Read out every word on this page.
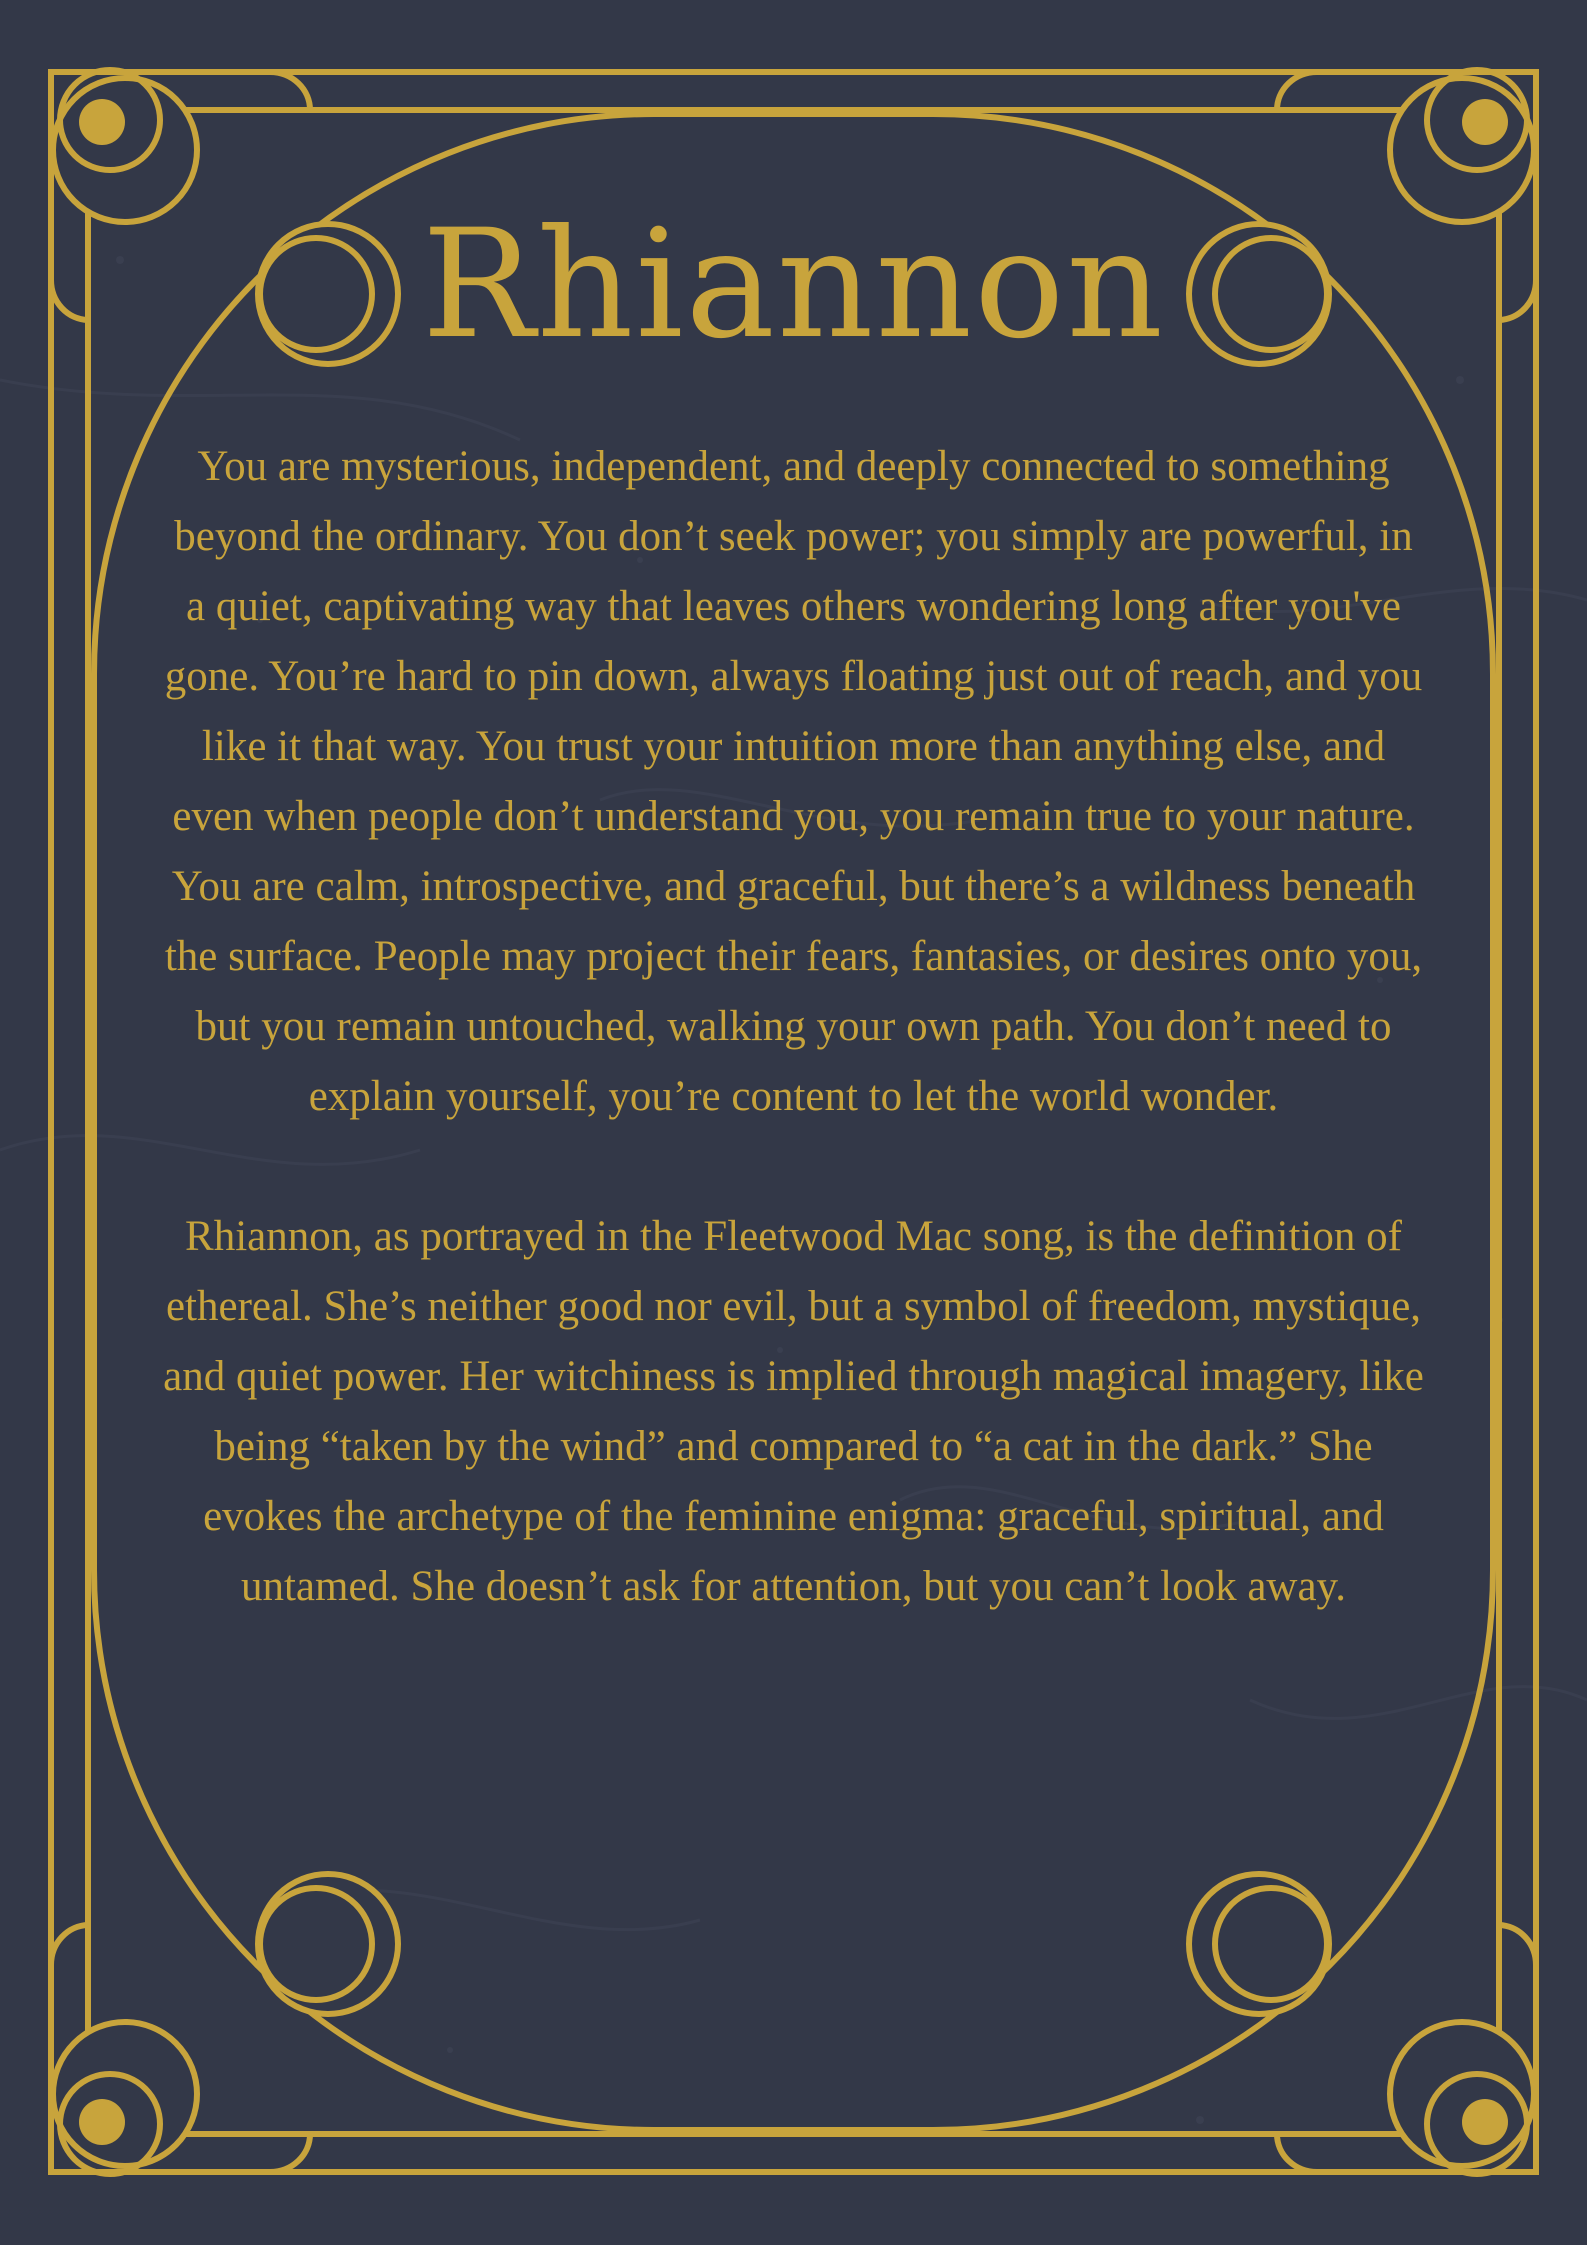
Rhiannon

You are mysterious, independent, and deeply connected to something beyond the ordinary. You don’t seek power; you simply are powerful, in a quiet, captivating way that leaves others wondering long after you've gone. You’re hard to pin down, always floating just out of reach, and you like it that way. You trust your intuition more than anything else, and even when people don’t understand you, you remain true to your nature. You are calm, introspective, and graceful, but there’s a wildness beneath the surface. People may project their fears, fantasies, or desires onto you, but you remain untouched, walking your own path. You don’t need to explain yourself, you’re content to let the world wonder.

Rhiannon, as portrayed in the Fleetwood Mac song, is the definition of ethereal. She’s neither good nor evil, but a symbol of freedom, mystique, and quiet power. Her witchiness is implied through magical imagery, like being “taken by the wind” and compared to “a cat in the dark.” She evokes the archetype of the feminine enigma: graceful, spiritual, and untamed. She doesn’t ask for attention, but you can’t look away.
